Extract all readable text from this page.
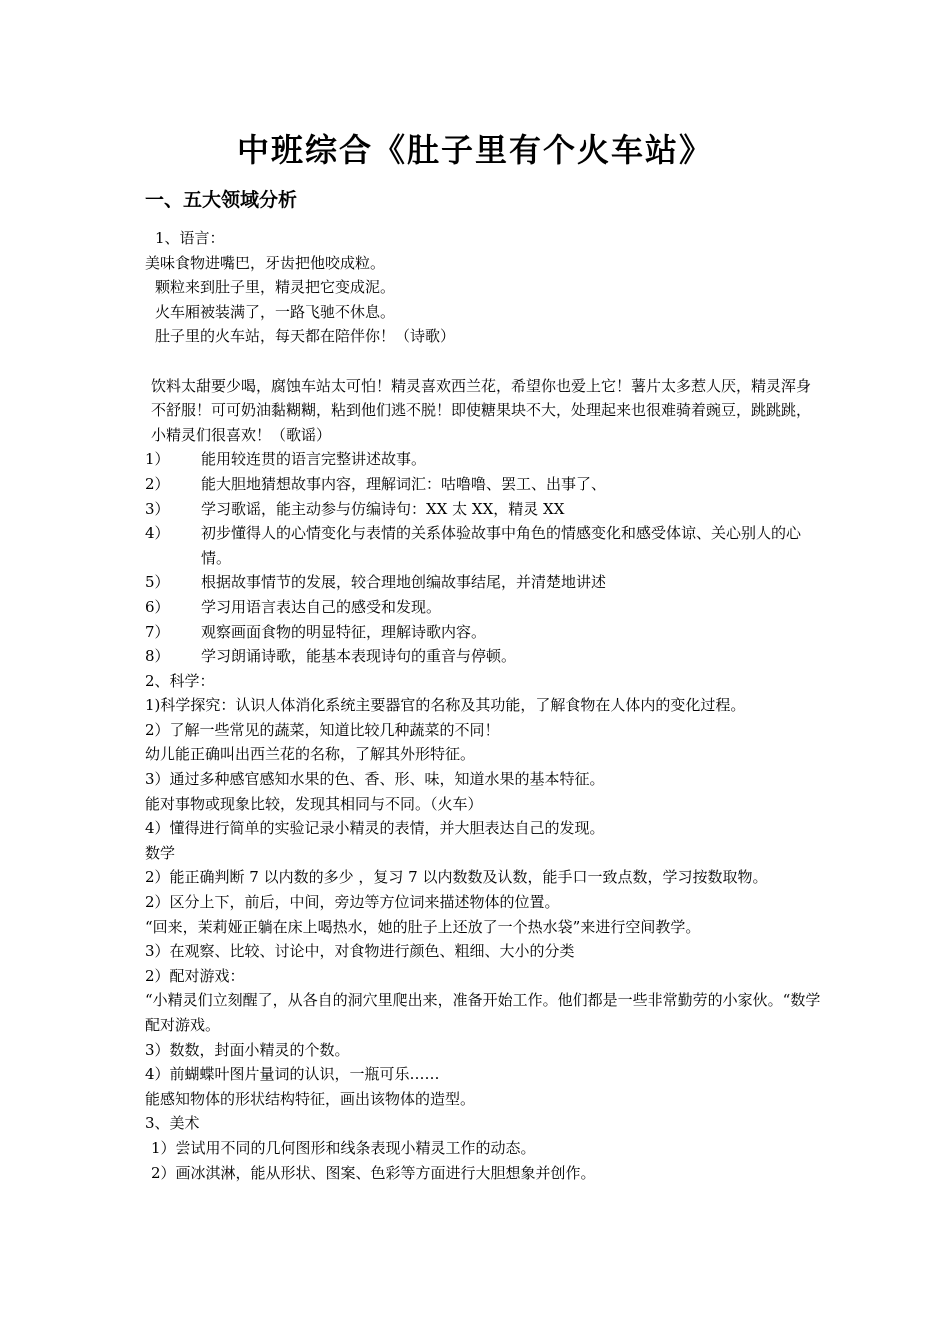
中班综合《肚子里有个火车站》
一、五大领域分析

1、语言：

美味食物进嘴巴，牙齿把他咬成粒。

颗粒来到肚子里，精灵把它变成泥。

火车厢被装满了，一路飞驰不休息。

肚子里的火车站，每天都在陪伴你！（诗歌）

饮料太甜要少喝，腐蚀车站太可怕！精灵喜欢西兰花，希望你也爱上它！薯片太多惹人厌，精灵浑身不舒服！可可奶油黏糊糊，粘到他们逃不脱！即使糖果块不大，处理起来也很难骑着豌豆，跳跳跳，小精灵们很喜欢！（歌谣）

1）	能用较连贯的语言完整讲述故事。
2）	能大胆地猜想故事内容，理解词汇：咕噜噜、罢工、出事了、
3）	学习歌谣，能主动参与仿编诗句：XX 太 XX，精灵 XX
4）	初步懂得人的心情变化与表情的关系体验故事中角色的情感变化和感受体谅、关心别人的心情。
5）	根据故事情节的发展，较合理地创编故事结尾，并清楚地讲述
6）	学习用语言表达自己的感受和发现。
7）	观察画面食物的明显特征，理解诗歌内容。
8）	学习朗诵诗歌，能基本表现诗句的重音与停顿。

2、科学：

1)科学探究：认识人体消化系统主要器官的名称及其功能，了解食物在人体内的变化过程。

2）了解一些常见的蔬菜，知道比较几种蔬菜的不同！

幼儿能正确叫出西兰花的名称，了解其外形特征。

3）通过多种感官感知水果的色、香、形、味，知道水果的基本特征。

能对事物或现象比较，发现其相同与不同。（火车）

4）懂得进行简单的实验记录小精灵的表情，并大胆表达自己的发现。

数学

2）能正确判断 7 以内数的多少 ，复习 7 以内数数及认数，能手口一致点数，学习按数取物。

2）区分上下，前后，中间，旁边等方位词来描述物体的位置。

“回来，茉莉娅正躺在床上喝热水，她的肚子上还放了一个热水袋”来进行空间教学。

3）在观察、比较、讨论中，对食物进行颜色、粗细、大小的分类

2）配对游戏：

“小精灵们立刻醒了，从各自的洞穴里爬出来，准备开始工作。他们都是一些非常勤劳的小家伙。“数学配对游戏。

3）数数，封面小精灵的个数。

4）前蝴蝶叶图片量词的认识，一瓶可乐……

能感知物体的形状结构特征，画出该物体的造型。

3、美术

1）尝试用不同的几何图形和线条表现小精灵工作的动态。

2）画冰淇淋，能从形状、图案、色彩等方面进行大胆想象并创作。
